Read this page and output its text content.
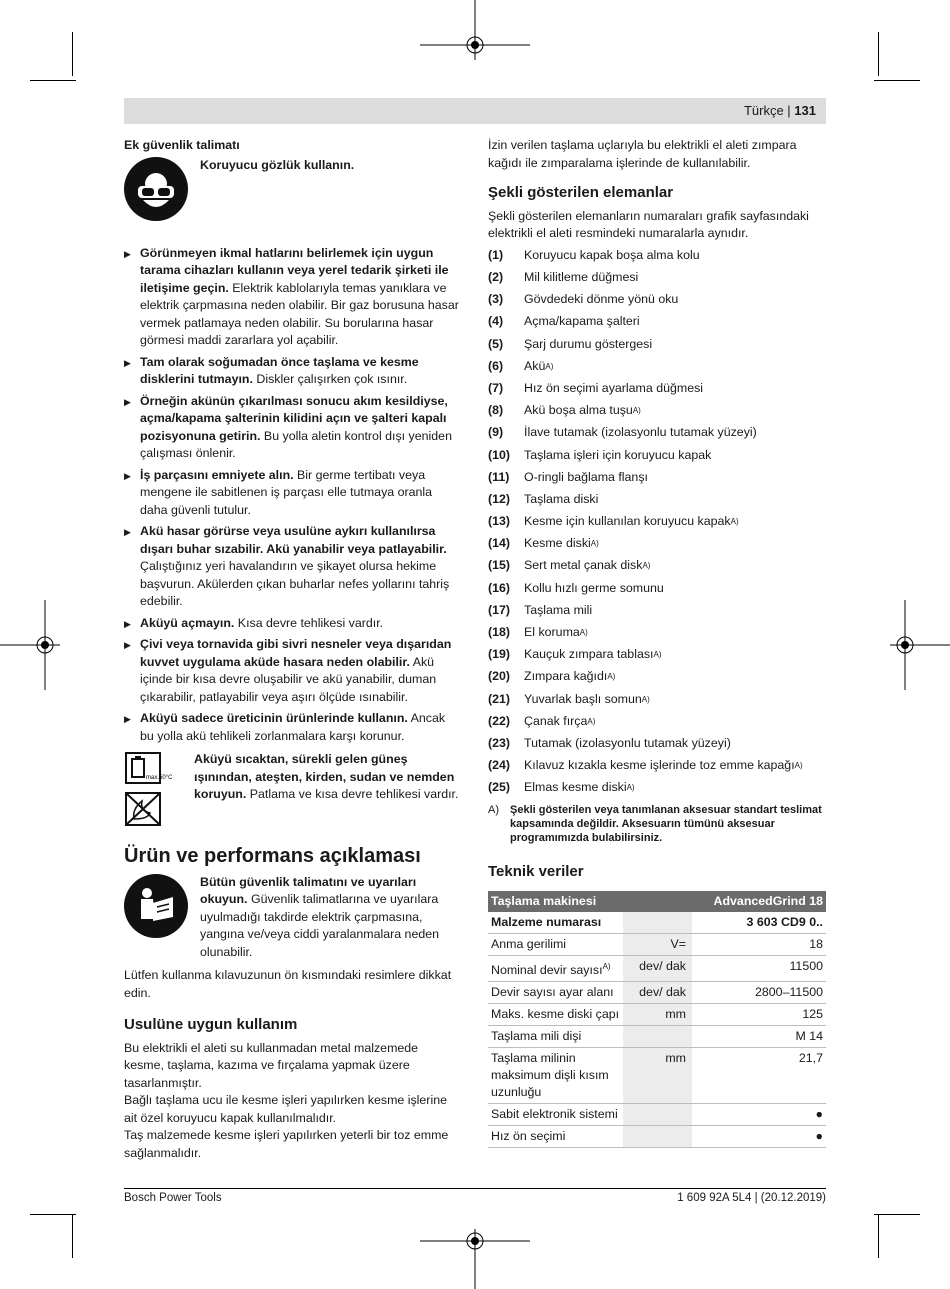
Türkçe | 131
Ek güvenlik talimatı
Koruyucu gözlük kullanın.
▶ Görünmeyen ikmal hatlarını belirlemek için uygun tarama cihazları kullanın veya yerel tedarik şirketi ile iletişime geçin. Elektrik kablolarıyla temas yanıklara ve elektrik çarpmasına neden olabilir. Bir gaz borusuna hasar vermek patlamaya neden olabilir. Su borularına hasar görmesi maddi zararlara yol açabilir.
▶ Tam olarak soğumadan önce taşlama ve kesme disklerini tutmayın. Diskler çalışırken çok ısınır.
▶ Örneğin akünün çıkarılması sonucu akım kesildiyse, açma/kapama şalterinin kilidini açın ve şalteri kapalı pozisyonuna getirin. Bu yolla aletin kontrol dışı yeniden çalışması önlenir.
▶ İş parçasını emniyete alın. Bir germe tertibatı veya mengene ile sabitlenen iş parçası elle tutmaya oranla daha güvenli tutulur.
▶ Akü hasar görürse veya usulüne aykırı kullanılırsa dışarı buhar sızabilir. Akü yanabilir veya patlayabilir. Çalıştığınız yeri havalandırın ve şikayet olursa hekime başvurun. Akülerden çıkan buharlar nefes yollarını tahriş edebilir.
▶ Aküyü açmayın. Kısa devre tehlikesi vardır.
▶ Çivi veya tornavida gibi sivri nesneler veya dışarıdan kuvvet uygulama aküde hasara neden olabilir. Akü içinde bir kısa devre oluşabilir ve akü yanabilir, duman çıkarabilir, patlayabilir veya aşırı ölçüde ısınabilir.
▶ Aküyü sadece üreticinin ürünlerinde kullanın. Ancak bu yolla akü tehlikeli zorlanmalara karşı korunur.
max.50°C

Aküyü sıcaktan, sürekli gelen güneş ışınından, ateşten, kirden, sudan ve nemden koruyun. Patlama ve kısa devre tehlikesi vardır.
Ürün ve performans açıklaması
Bütün güvenlik talimatını ve uyarıları okuyun. Güvenlik talimatlarına ve uyarılara uyulmadığı takdirde elektrik çarpmasına, yangına ve/veya ciddi yaralanmalara neden olunabilir.
Lütfen kullanma kılavuzunun ön kısmındaki resimlere dikkat edin.
Usulüne uygun kullanım
Bu elektrikli el aleti su kullanmadan metal malzemede kesme, taşlama, kazıma ve fırçalama yapmak üzere tasarlanmıştır.
Bağlı taşlama ucu ile kesme işleri yapılırken kesme işlerine ait özel koruyucu kapak kullanılmalıdır.
Taş malzemede kesme işleri yapılırken yeterli bir toz emme sağlanmalıdır.
İzin verilen taşlama uçlarıyla bu elektrikli el aleti zımpara kağıdı ile zımparalama işlerinde de kullanılabilir.
Şekli gösterilen elemanlar
Şekli gösterilen elemanların numaraları grafik sayfasındaki elektrikli el aleti resmindeki numaralarla aynıdır.
(1)	Koruyucu kapak boşa alma kolu
(2)	Mil kilitleme düğmesi
(3)	Gövdedeki dönme yönü oku
(4)	Açma/kapama şalteri
(5)	Şarj durumu göstergesi
(6)	Akü A)
(7)	Hız ön seçimi ayarlama düğmesi
(8)	Akü boşa alma tuşu A)
(9)	İlave tutamak (izolasyonlu tutamak yüzeyi)
(10)	Taşlama işleri için koruyucu kapak
(11)	O-ringli bağlama flanşı
(12)	Taşlama diski
(13)	Kesme için kullanılan koruyucu kapak A)
(14)	Kesme diski A)
(15)	Sert metal çanak disk A)
(16)	Kollu hızlı germe somunu
(17)	Taşlama mili
(18)	El koruma A)
(19)	Kauçuk zımpara tablası A)
(20)	Zımpara kağıdı A)
(21)	Yuvarlak başlı somun A)
(22)	Çanak fırça A)
(23)	Tutamak (izolasyonlu tutamak yüzeyi)
(24)	Kılavuz kızakla kesme işlerinde toz emme kapağı A)
(25)	Elmas kesme diski A)
A)	Şekli gösterilen veya tanımlanan aksesuar standart teslimat kapsamında değildir. Aksesuarın tümünü aksesuar programımızda bulabilirsiniz.
Teknik veriler
Taşlama makinesi		AdvancedGrind 18
Malzeme numarası		3 603 CD9 0..
Anma gerilimi	V=	18
Nominal devir sayısı$^{A)}$	dev/ dak	11500
Devir sayısı ayar alanı	dev/ dak	2800–11500
Maks. kesme diski çapı	mm	125
Taşlama mili dişi		M 14
Taşlama milinin maksimum dişli kısım uzunluğu	mm	21,7
Sabit elektronik sistemi		●
Hız ön seçimi		●
Bosch Power Tools	1 609 92A 5L4 | (20.12.2019)
